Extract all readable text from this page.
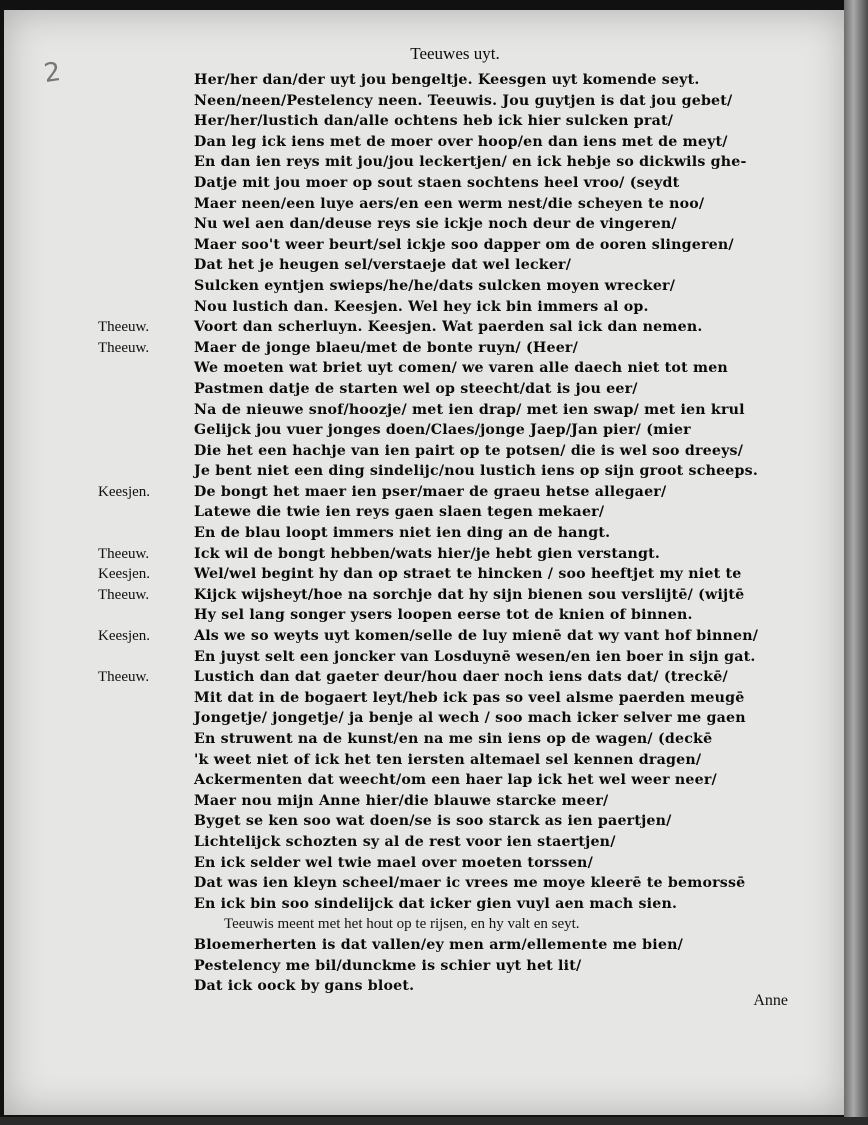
2
Teeuwes uyt.
Her/her dan/der uyt jou bengeltje. Keesgen uyt komende seyt.
Neen/neen/Pestelency neen. Teeuwis. Jou guytjen is dat jou gebet/
Her/her/lustich dan/alle ochtens heb ick hier sulcken prat/
Dan leg ick iens met de moer over hoop/en dan iens met de meyt/
En dan ien reys mit jou/jou leckertjen/ en ick hebje so dickwils ghe-
Datje mit jou moer op sout staen sochtens heel vroo/ (seydt
Maer neen/een luye aers/en een werm nest/die scheyen te noo/
Nu wel aen dan/deuse reys sie ickje noch deur de vingeren/
Maer soo't weer beurt/sel ickje soo dapper om de ooren slingeren/
Dat het je heugen sel/verstaeje dat wel lecker/
Sulcken eyntjen swieps/he/he/dats sulcken moyen wrecker/
Nou lustich dan. Keesjen. Wel hey ick bin immers al op.
Theeuw.	Voort dan scherluyn. Keesjen. Wat paerden sal ick dan nemen.
Theeuw.	Maer de jonge blaeu/met de bonte ruyn/ (Heer/
We moeten wat briet uyt comen/ we varen alle daech niet tot men
Pastmen datje de starten wel op steecht/dat is jou eer/
Na de nieuwe snof/hoozje/ met ien drap/ met ien swap/ met ien krul
Gelijck jou vuer jonges doen/Claes/jonge Jaep/Jan pier/ (mier
Die het een hachje van ien pairt op te potsen/ die is wel soo dreeys/
Je bent niet een ding sindelijc/nou lustich iens op sijn groot scheeps.
Keesjen.	De bongt het maer ien pser/maer de graeu hetse allegaer/
Latewe die twie ien reys gaen slaen tegen mekaer/
En de blau loopt immers niet ien ding an de hangt.
Theeuw.	Ick wil de bongt hebben/wats hier/je hebt gien verstangt.
Keesjen.	Wel/wel begint hy dan op straet te hincken / soo heeftjet my niet te
Theeuw.	Kijck wijsheyt/hoe na sorchje dat hy sijn bienen sou verslijtē/ (wijtē
Hy sel lang songer ysers loopen eerse tot de knien of binnen.
Keesjen.	Als we so weyts uyt komen/selle de luy mienē dat wy vant hof binnen/
En juyst selt een joncker van Losduynē wesen/en ien boer in sijn gat.
Theeuw.	Lustich dan dat gaeter deur/hou daer noch iens dats dat/ (treckē/
Mit dat in de bogaert leyt/heb ick pas so veel alsme paerden meugē
Jongetje/ jongetje/ ja benje al wech / soo mach icker selver me gaen
En struwent na de kunst/en na me sin iens op de wagen/ (deckē
'k weet niet of ick het ten iersten altemael sel kennen dragen/
Ackermenten dat weecht/om een haer lap ick het wel weer neer/
Maer nou mijn Anne hier/die blauwe starcke meer/
Byget se ken soo wat doen/se is soo starck as ien paertjen/
Lichtelijck schozten sy al de rest voor ien staertjen/
En ick selder wel twie mael over moeten torssen/
Dat was ien kleyn scheel/maer ic vrees me moye kleerē te bemorssē
En ick bin soo sindelijck dat icker gien vuyl aen mach sien.
Teeuwis meent met het hout op te rijsen, en hy valt en seyt.
Bloemerherten is dat vallen/ey men arm/ellemente me bien/
Pestelency me bil/dunckme is schier uyt het lit/
Dat ick oock by gans bloet.
Anne
